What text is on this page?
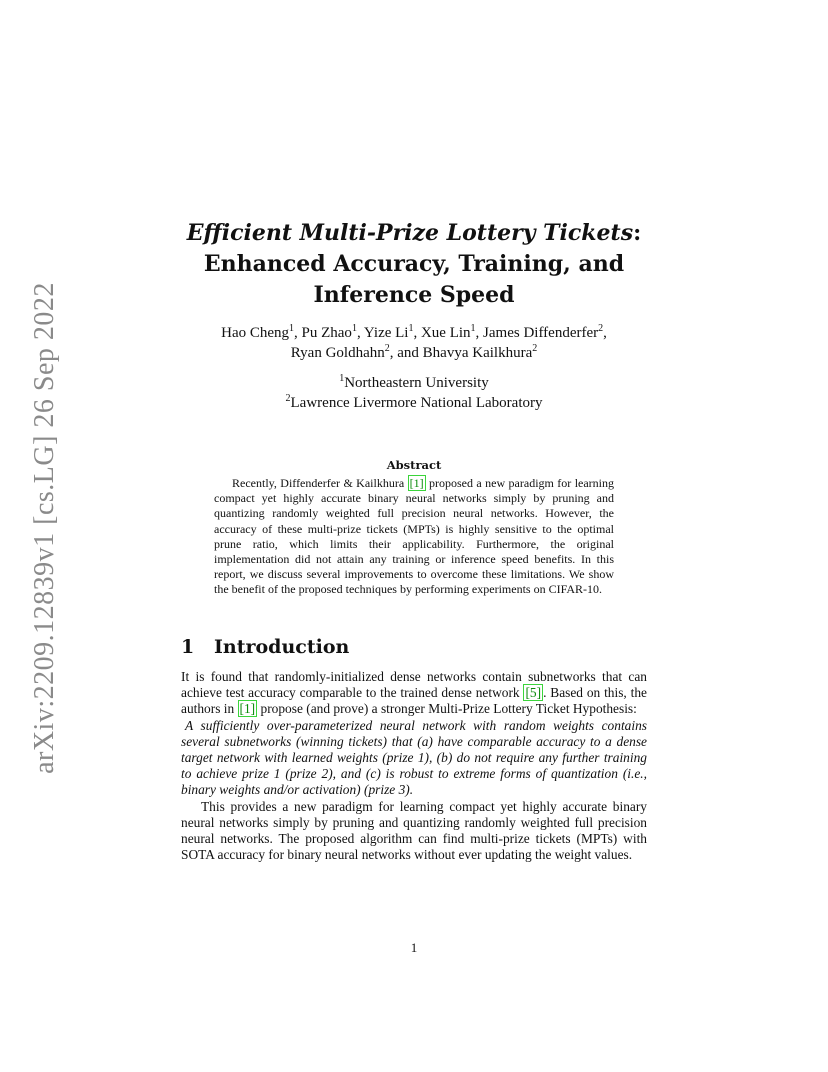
arXiv:2209.12839v1 [cs.LG] 26 Sep 2022
Efficient Multi-Prize Lottery Tickets:
Enhanced Accuracy, Training, and
Inference Speed
Hao Cheng$^1$, Pu Zhao$^1$, Yize Li$^1$, Xue Lin$^1$, James Diffenderfer$^2$,
Ryan Goldhahn$^2$, and Bhavya Kailkhura$^2$
$^1$Northeastern University
$^2$Lawrence Livermore National Laboratory
Abstract
Recently, Diffenderfer & Kailkhura [1] proposed a new paradigm for learning compact yet highly accurate binary neural networks simply by pruning and quantizing randomly weighted full precision neural networks. However, the accuracy of these multi-prize tickets (MPTs) is highly sensitive to the optimal prune ratio, which limits their applicability. Furthermore, the original implementation did not attain any training or inference speed benefits. In this report, we discuss several improvements to overcome these limitations. We show the benefit of the proposed techniques by performing experiments on CIFAR-10.
1 Introduction

It is found that randomly-initialized dense networks contain subnetworks that can achieve test accuracy comparable to the trained dense network [5] . Based on this, the authors in [1] propose (and prove) a stronger Multi-Prize Lottery Ticket Hypothesis:

A sufficiently over-parameterized neural network with random weights contains several subnetworks (winning tickets) that (a) have comparable accuracy to a dense target network with learned weights (prize 1), (b) do not require any further training to achieve prize 1 (prize 2), and (c) is robust to extreme forms of quantization (i.e., binary weights and/or activation) (prize 3).

This provides a new paradigm for learning compact yet highly accurate binary neural networks simply by pruning and quantizing randomly weighted full precision neural networks. The proposed algorithm can find multi-prize tickets (MPTs) with SOTA accuracy for binary neural networks without ever updating the weight values.

1
